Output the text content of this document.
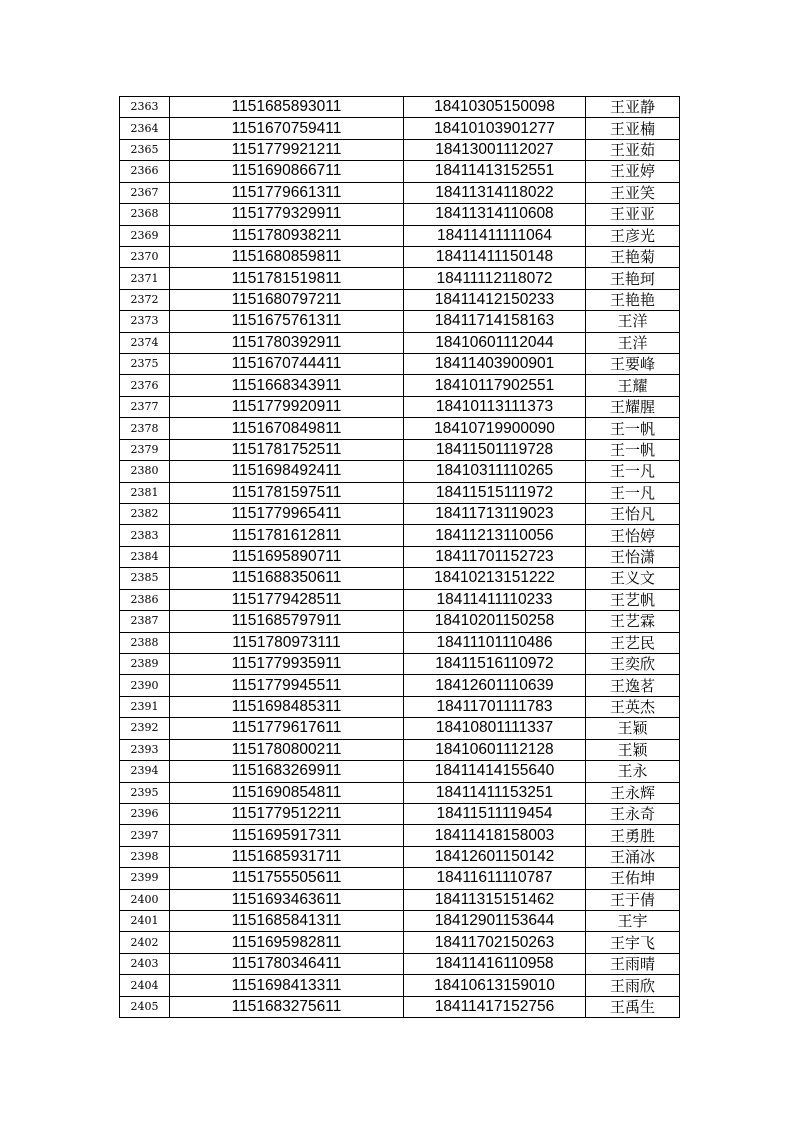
2363	1151685893011	18410305150098	王亚静
2364	1151670759411	18410103901277	王亚楠
2365	1151779921211	18413001112027	王亚茹
2366	1151690866711	18411413152551	王亚婷
2367	1151779661311	18411314118022	王亚笑
2368	1151779329911	18411314110608	王亚亚
2369	1151780938211	18411411111064	王彦光
2370	1151680859811	18411411150148	王艳菊
2371	1151781519811	18411112118072	王艳珂
2372	1151680797211	18411412150233	王艳艳
2373	1151675761311	18411714158163	王洋
2374	1151780392911	18410601112044	王洋
2375	1151670744411	18411403900901	王要峰
2376	1151668343911	18410117902551	王耀
2377	1151779920911	18410113111373	王耀腥
2378	1151670849811	18410719900090	王一帆
2379	1151781752511	18411501119728	王一帆
2380	1151698492411	18410311110265	王一凡
2381	1151781597511	18411515111972	王一凡
2382	1151779965411	18411713119023	王怡凡
2383	1151781612811	18411213110056	王怡婷
2384	1151695890711	18411701152723	王怡潇
2385	1151688350611	18410213151222	王义文
2386	1151779428511	18411411110233	王艺帆
2387	1151685797911	18410201150258	王艺霖
2388	1151780973111	18411101110486	王艺民
2389	1151779935911	18411516110972	王奕欣
2390	1151779945511	18412601110639	王逸茗
2391	1151698485311	18411701111783	王英杰
2392	1151779617611	18410801111337	王颖
2393	1151780800211	18410601112128	王颖
2394	1151683269911	18411414155640	王永
2395	1151690854811	18411411153251	王永辉
2396	1151779512211	18411511119454	王永奇
2397	1151695917311	18411418158003	王勇胜
2398	1151685931711	18412601150142	王涌冰
2399	1151755505611	18411611110787	王佑坤
2400	1151693463611	18411315151462	王于倩
2401	1151685841311	18412901153644	王宇
2402	1151695982811	18411702150263	王宇飞
2403	1151780346411	18411416110958	王雨晴
2404	1151698413311	18410613159010	王雨欣
2405	1151683275611	18411417152756	王禹生
